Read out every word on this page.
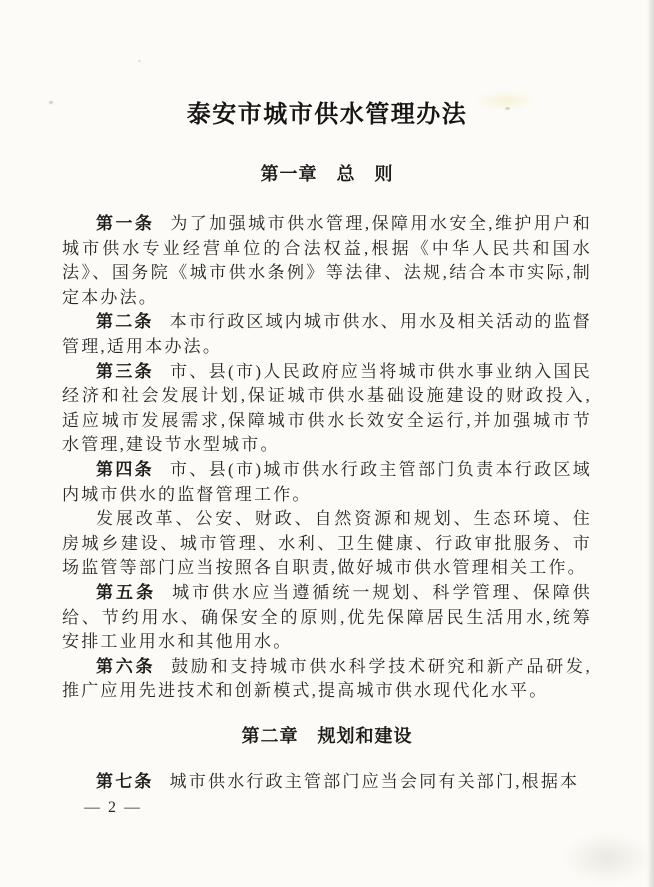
泰安市城市供水管理办法
第一章　总　则

第一条 为了加强城市供水管理,保障用水安全,维护用户和城市供水专业经营单位的合法权益,根据《中华人民共和国水法》、国务院《城市供水条例》等法律、法规,结合本市实际,制定本办法。

第二条 本市行政区域内城市供水、用水及相关活动的监督管理,适用本办法。

第三条 市、县(市)人民政府应当将城市供水事业纳入国民经济和社会发展计划,保证城市供水基础设施建设的财政投入,适应城市发展需求,保障城市供水长效安全运行,并加强城市节水管理,建设节水型城市。

第四条 市、县(市)城市供水行政主管部门负责本行政区域内城市供水的监督管理工作。

发展改革、公安、财政、自然资源和规划、生态环境、住房城乡建设、城市管理、水利、卫生健康、行政审批服务、市场监管等部门应当按照各自职责,做好城市供水管理相关工作。

第五条 城市供水应当遵循统一规划、科学管理、保障供给、节约用水、确保安全的原则,优先保障居民生活用水,统筹安排工业用水和其他用水。

第六条 鼓励和支持城市供水科学技术研究和新产品研发,推广应用先进技术和创新模式,提高城市供水现代化水平。

第二章　规划和建设

第七条 城市供水行政主管部门应当会同有关部门,根据本

— 2 —
